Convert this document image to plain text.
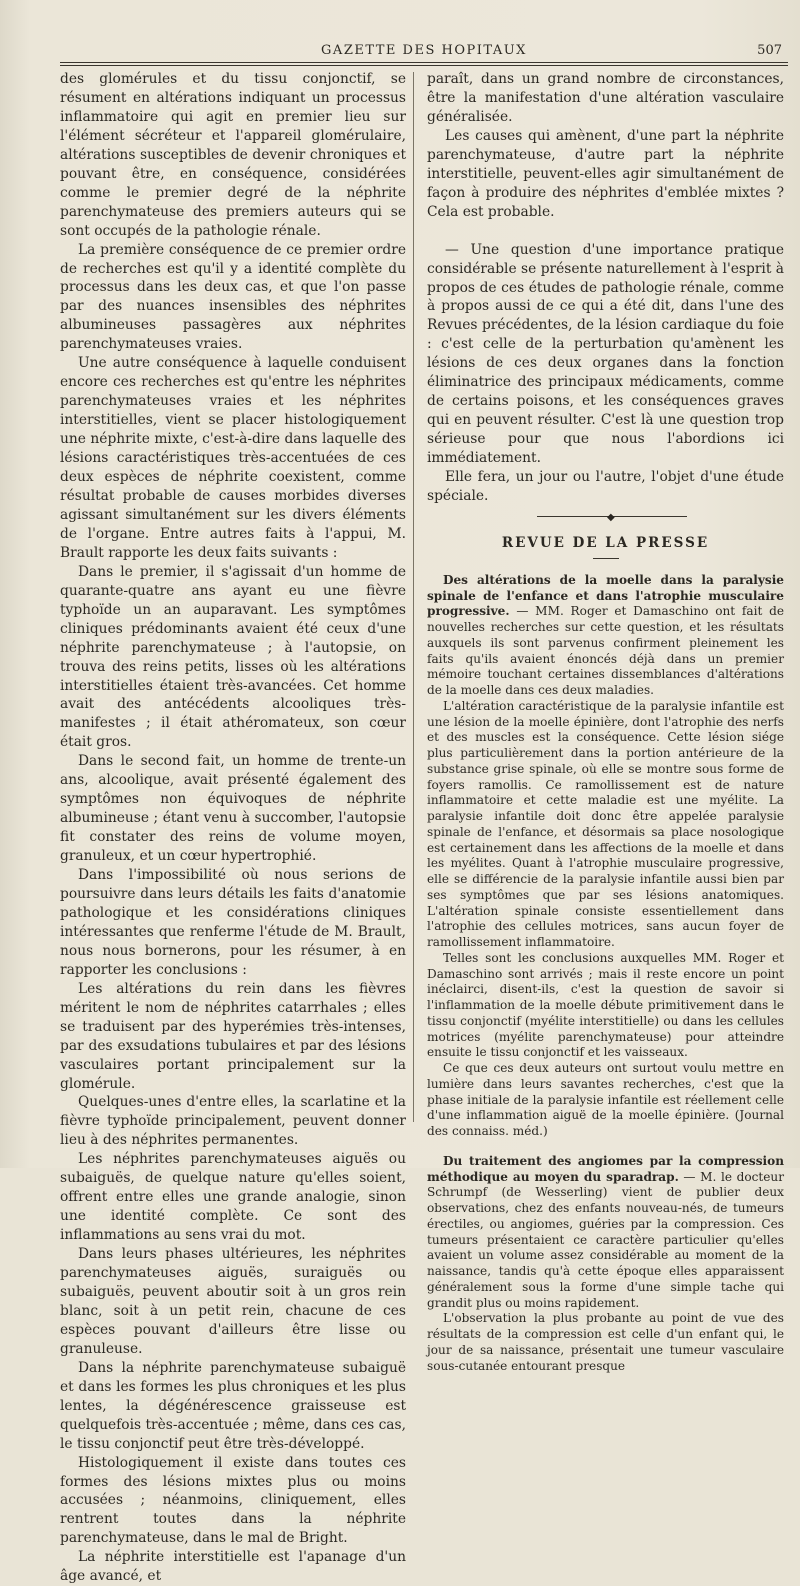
GAZETTE DES HOPITAUX	507

des glomérules et du tissu conjonctif, se résument en altérations indiquant un processus inflammatoire qui agit en premier lieu sur l'élément sécréteur et l'appareil glomérulaire, altérations susceptibles de devenir chroniques et pouvant être, en conséquence, considérées comme le premier degré de la néphrite parenchymateuse des premiers auteurs qui se sont occupés de la pathologie rénale.

La première conséquence de ce premier ordre de recherches est qu'il y a identité complète du processus dans les deux cas, et que l'on passe par des nuances insensibles des néphrites albumineuses passagères aux néphrites parenchymateuses vraies.

Une autre conséquence à laquelle conduisent encore ces recherches est qu'entre les néphrites parenchymateuses vraies et les néphrites interstitielles, vient se placer histologiquement une néphrite mixte, c'est-à-dire dans laquelle des lésions caractéristiques très-accentuées de ces deux espèces de néphrite coexistent, comme résultat probable de causes morbides diverses agissant simultanément sur les divers éléments de l'organe. Entre autres faits à l'appui, M. Brault rapporte les deux faits suivants :

Dans le premier, il s'agissait d'un homme de quarante-quatre ans ayant eu une fièvre typhoïde un an auparavant. Les symptômes cliniques prédominants avaient été ceux d'une néphrite parenchymateuse ; à l'autopsie, on trouva des reins petits, lisses où les altérations interstitielles étaient très-avancées. Cet homme avait des antécédents alcooliques très-manifestes ; il était athéromateux, son cœur était gros.

Dans le second fait, un homme de trente-un ans, alcoolique, avait présenté également des symptômes non équivoques de néphrite albumineuse ; étant venu à succomber, l'autopsie fit constater des reins de volume moyen, granuleux, et un cœur hypertrophié.

Dans l'impossibilité où nous serions de poursuivre dans leurs détails les faits d'anatomie pathologique et les considérations cliniques intéressantes que renferme l'étude de M. Brault, nous nous bornerons, pour les résumer, à en rapporter les conclusions :

Les altérations du rein dans les fièvres méritent le nom de néphrites catarrhales ; elles se traduisent par des hyperémies très-intenses, par des exsudations tubulaires et par des lésions vasculaires portant principalement sur la glomérule.

Quelques-unes d'entre elles, la scarlatine et la fièvre typhoïde principalement, peuvent donner lieu à des néphrites permanentes.

Les néphrites parenchymateuses aiguës ou subaiguës, de quelque nature qu'elles soient, offrent entre elles une grande analogie, sinon une identité complète. Ce sont des inflammations au sens vrai du mot.

Dans leurs phases ultérieures, les néphrites parenchymateuses aiguës, suraiguës ou subaiguës, peuvent aboutir soit à un gros rein blanc, soit à un petit rein, chacune de ces espèces pouvant d'ailleurs être lisse ou granuleuse.

Dans la néphrite parenchymateuse subaiguë et dans les formes les plus chroniques et les plus lentes, la dégénérescence graisseuse est quelquefois très-accentuée ; même, dans ces cas, le tissu conjonctif peut être très-développé.

Histologiquement il existe dans toutes ces formes des lésions mixtes plus ou moins accusées ; néanmoins, cliniquement, elles rentrent toutes dans la néphrite parenchymateuse, dans le mal de Bright.

La néphrite interstitielle est l'apanage d'un âge avancé, et

paraît, dans un grand nombre de circonstances, être la manifestation d'une altération vasculaire généralisée.

Les causes qui amènent, d'une part la néphrite parenchymateuse, d'autre part la néphrite interstitielle, peuvent-elles agir simultanément de façon à produire des néphrites d'emblée mixtes ? Cela est probable.

— Une question d'une importance pratique considérable se présente naturellement à l'esprit à propos de ces études de pathologie rénale, comme à propos aussi de ce qui a été dit, dans l'une des Revues précédentes, de la lésion cardiaque du foie : c'est celle de la perturbation qu'amènent les lésions de ces deux organes dans la fonction éliminatrice des principaux médicaments, comme de certains poisons, et les conséquences graves qui en peuvent résulter. C'est là une question trop sérieuse pour que nous l'abordions ici immédiatement.

Elle fera, un jour ou l'autre, l'objet d'une étude spéciale.

◆
REVUE DE LA PRESSE

Des altérations de la moelle dans la paralysie spinale de l'enfance et dans l'atrophie musculaire progressive. — MM. Roger et Damaschino ont fait de nouvelles recherches sur cette question, et les résultats auxquels ils sont parvenus confirment pleinement les faits qu'ils avaient énoncés déjà dans un premier mémoire touchant certaines dissemblances d'altérations de la moelle dans ces deux maladies.

L'altération caractéristique de la paralysie infantile est une lésion de la moelle épinière, dont l'atrophie des nerfs et des muscles est la conséquence. Cette lésion siége plus particulièrement dans la portion antérieure de la substance grise spinale, où elle se montre sous forme de foyers ramollis. Ce ramollissement est de nature inflammatoire et cette maladie est une myélite. La paralysie infantile doit donc être appelée paralysie spinale de l'enfance, et désormais sa place nosologique est certainement dans les affections de la moelle et dans les myélites. Quant à l'atrophie musculaire progressive, elle se différencie de la paralysie infantile aussi bien par ses symptômes que par ses lésions anatomiques. L'altération spinale consiste essentiellement dans l'atrophie des cellules motrices, sans aucun foyer de ramollissement inflammatoire.

Telles sont les conclusions auxquelles MM. Roger et Damaschino sont arrivés ; mais il reste encore un point inéclairci, disent-ils, c'est la question de savoir si l'inflammation de la moelle débute primitivement dans le tissu conjonctif (myélite interstitielle) ou dans les cellules motrices (myélite parenchymateuse) pour atteindre ensuite le tissu conjonctif et les vaisseaux.

Ce que ces deux auteurs ont surtout voulu mettre en lumière dans leurs savantes recherches, c'est que la phase initiale de la paralysie infantile est réellement celle d'une inflammation aiguë de la moelle épinière. (Journal des connaiss. méd.)

Du traitement des angiomes par la compression méthodique au moyen du sparadrap. — M. le docteur Schrumpf (de Wesserling) vient de publier deux observations, chez des enfants nouveau-nés, de tumeurs érectiles, ou angiomes, guéries par la compression. Ces tumeurs présentaient ce caractère particulier qu'elles avaient un volume assez considérable au moment de la naissance, tandis qu'à cette époque elles apparaissent généralement sous la forme d'une simple tache qui grandit plus ou moins rapidement.

L'observation la plus probante au point de vue des résultats de la compression est celle d'un enfant qui, le jour de sa naissance, présentait une tumeur vasculaire sous-cutanée entourant presque
